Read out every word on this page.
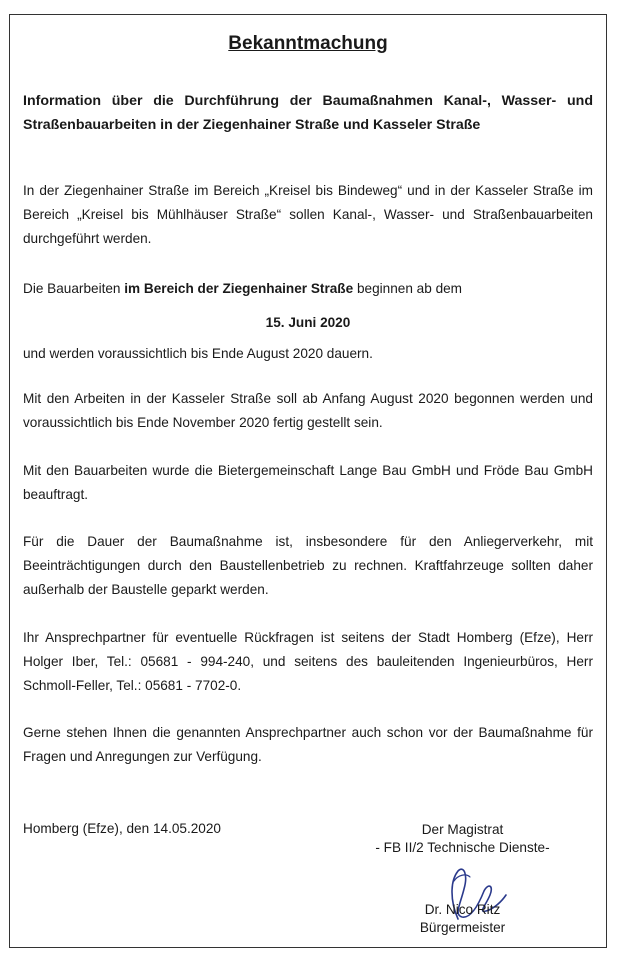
Bekanntmachung
Information über die Durchführung der Baumaßnahmen Kanal-, Wasser- und Straßenbauarbeiten in der Ziegenhainer Straße und Kasseler Straße

In der Ziegenhainer Straße im Bereich „Kreisel bis Bindeweg“ und in der Kasseler Straße im Bereich „Kreisel bis Mühlhäuser Straße“ sollen Kanal-, Wasser- und Straßenbauarbeiten durchgeführt werden.

Die Bauarbeiten im Bereich der Ziegenhainer Straße beginnen ab dem

15. Juni 2020

und werden voraussichtlich bis Ende August 2020 dauern.

Mit den Arbeiten in der Kasseler Straße soll ab Anfang August 2020 begonnen werden und voraussichtlich bis Ende November 2020 fertig gestellt sein.

Mit den Bauarbeiten wurde die Bietergemeinschaft Lange Bau GmbH und Fröde Bau GmbH beauftragt.

Für die Dauer der Baumaßnahme ist, insbesondere für den Anliegerverkehr, mit Beeinträchtigungen durch den Baustellenbetrieb zu rechnen. Kraftfahrzeuge sollten daher außerhalb der Baustelle geparkt werden.

Ihr Ansprechpartner für eventuelle Rückfragen ist seitens der Stadt Homberg (Efze), Herr Holger Iber, Tel.: 05681 - 994-240, und seitens des bauleitenden Ingenieurbüros, Herr Schmoll-Feller, Tel.: 05681 - 7702-0.

Gerne stehen Ihnen die genannten Ansprechpartner auch schon vor der Baumaßnahme für Fragen und Anregungen zur Verfügung.

Homberg (Efze), den 14.05.2020	Der Magistrat
- FB II/2 Technische Dienste-
Dr. Nico Ritz
Bürgermeister
